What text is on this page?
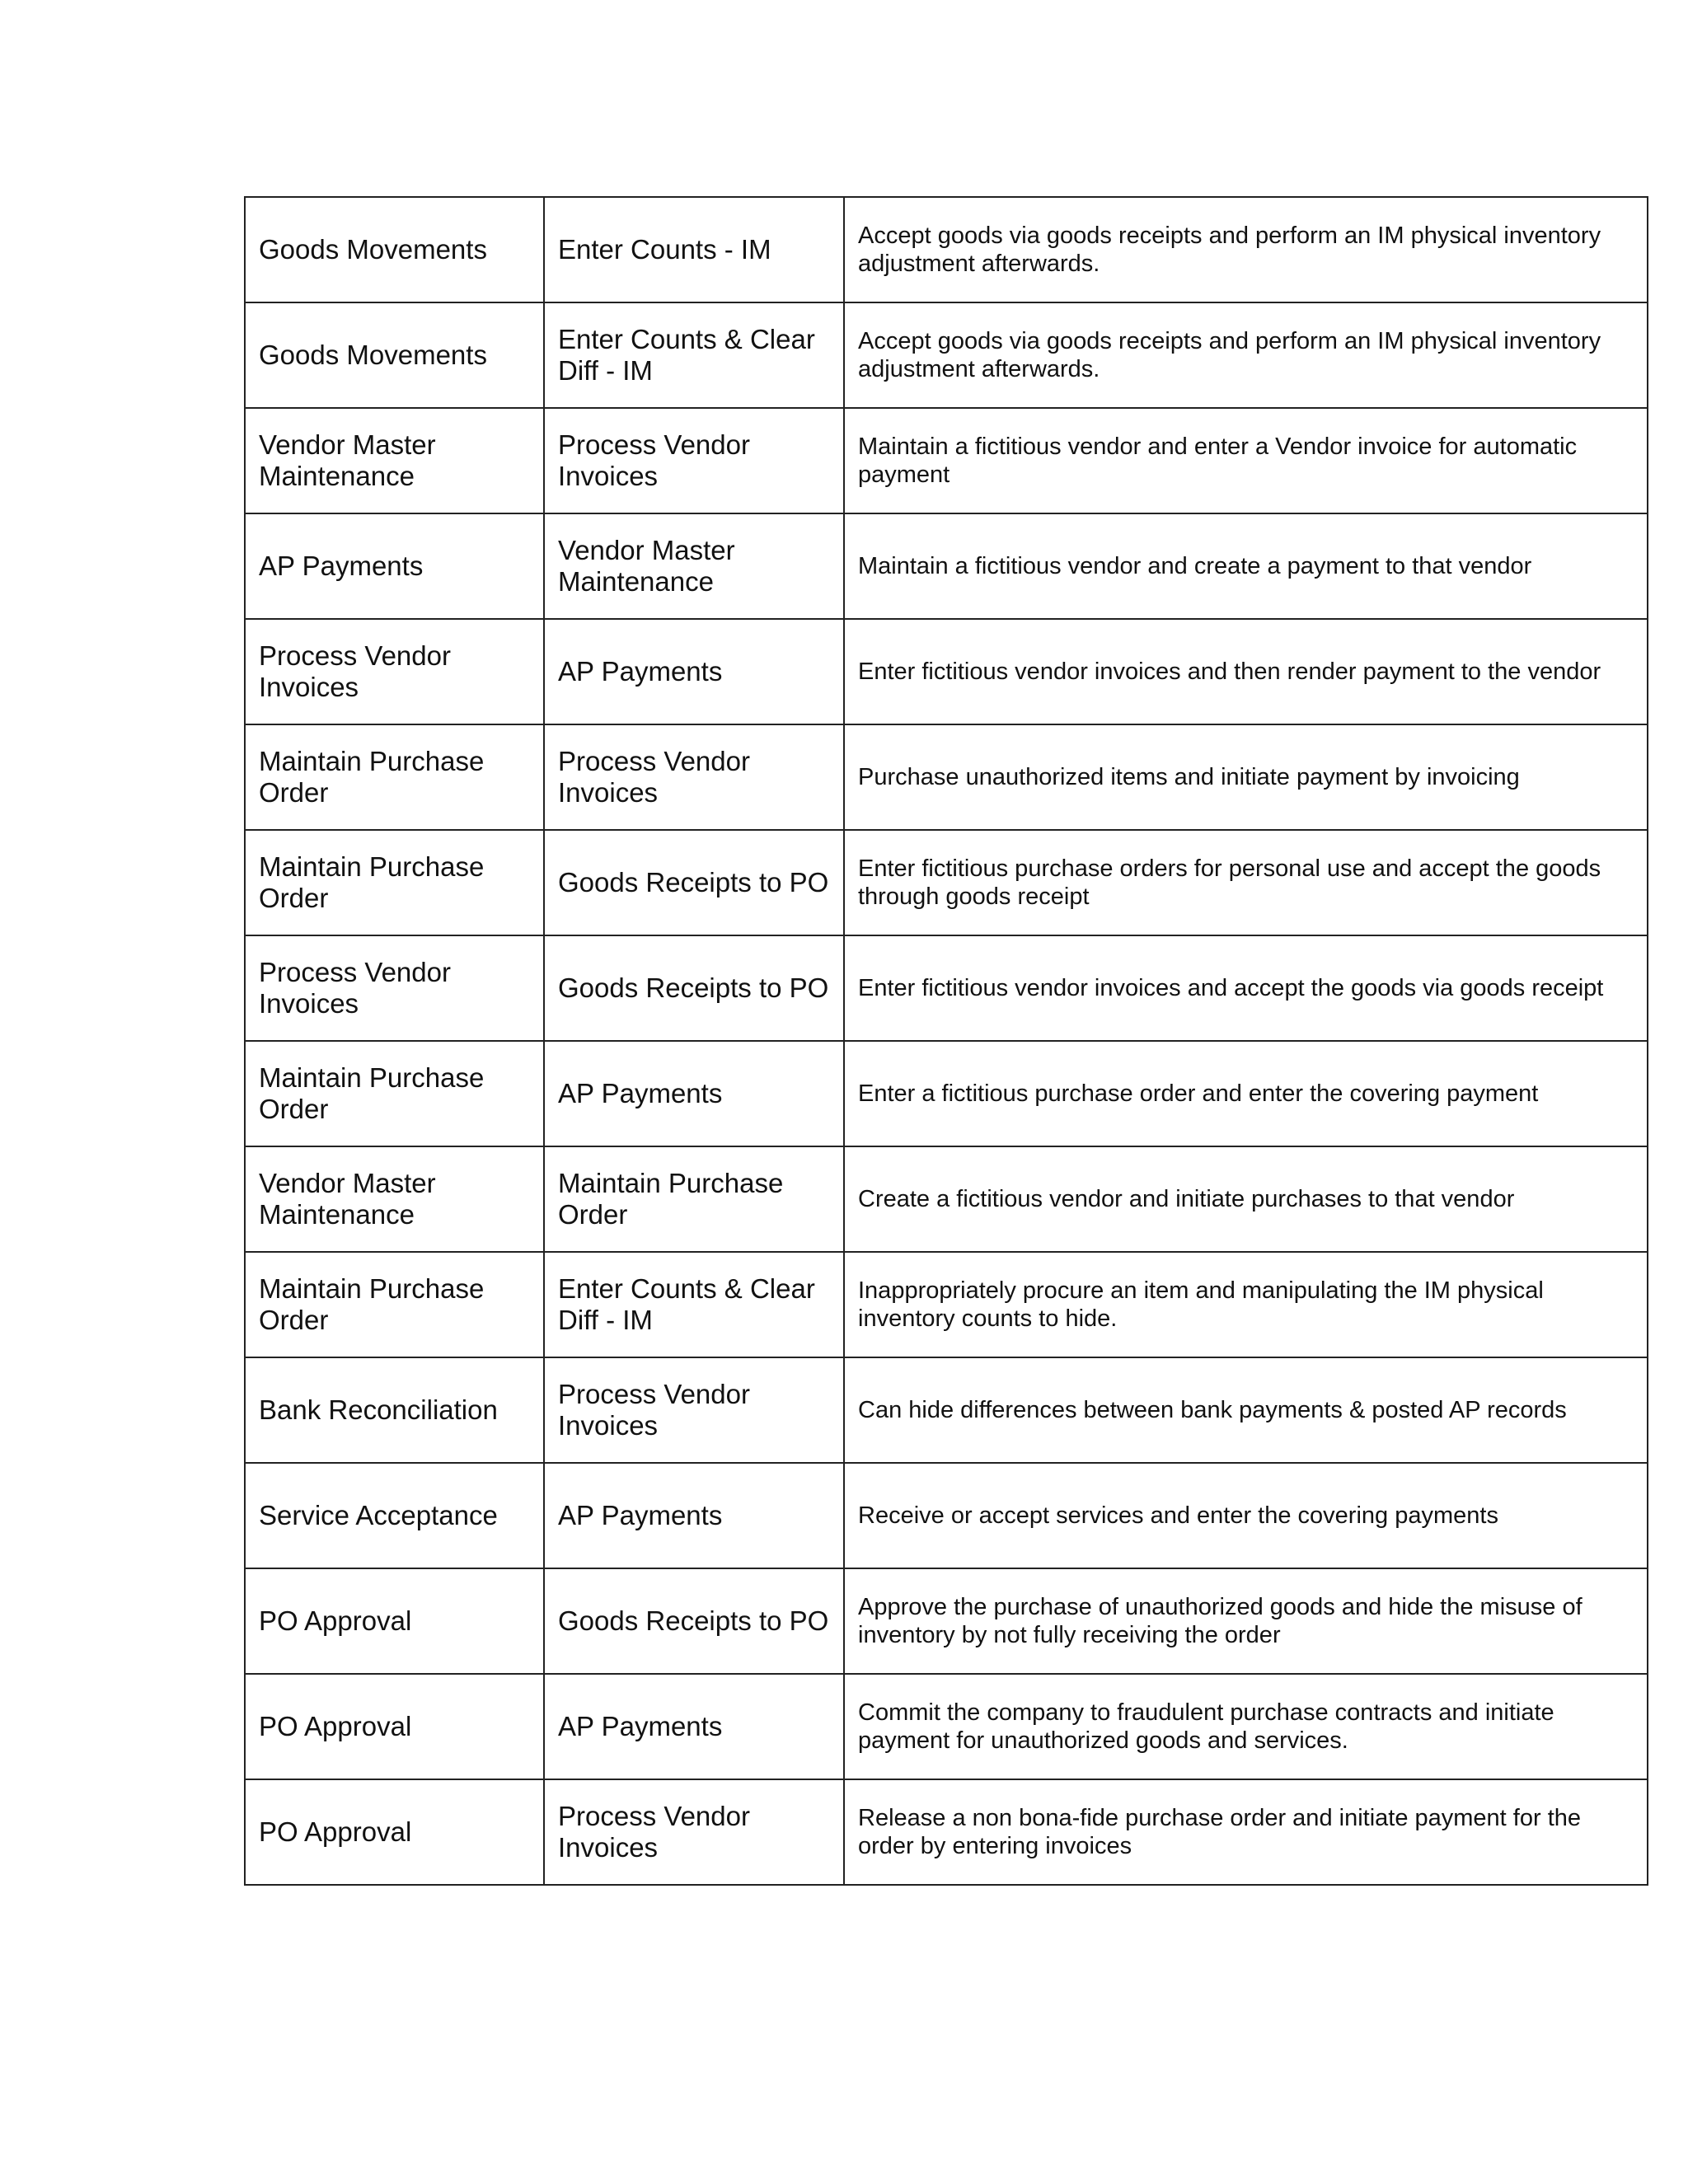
Goods Movements	Enter Counts - IM	Accept goods via goods receipts and perform an IM physical inventory adjustment afterwards.
Goods Movements	Enter Counts & Clear Diff - IM	Accept goods via goods receipts and perform an IM physical inventory adjustment afterwards.
Vendor Master Maintenance	Process Vendor Invoices	Maintain a fictitious vendor and enter a Vendor invoice for automatic payment
AP Payments	Vendor Master Maintenance	Maintain a fictitious vendor and create a payment to that vendor
Process Vendor Invoices	AP Payments	Enter fictitious vendor invoices and then render payment to the vendor
Maintain Purchase Order	Process Vendor Invoices	Purchase unauthorized items and initiate payment by invoicing
Maintain Purchase Order	Goods Receipts to PO	Enter fictitious purchase orders for personal use and accept the goods through goods receipt
Process Vendor Invoices	Goods Receipts to PO	Enter fictitious vendor invoices and accept the goods via goods receipt
Maintain Purchase Order	AP Payments	Enter a fictitious purchase order and enter the covering payment
Vendor Master Maintenance	Maintain Purchase Order	Create a fictitious vendor and initiate purchases to that vendor
Maintain Purchase Order	Enter Counts & Clear Diff - IM	Inappropriately procure an item and manipulating the IM physical inventory counts to hide.
Bank Reconciliation	Process Vendor Invoices	Can hide differences between bank payments & posted AP records
Service Acceptance	AP Payments	Receive or accept services and enter the covering payments
PO Approval	Goods Receipts to PO	Approve the purchase of unauthorized goods and hide the misuse of inventory by not fully receiving the order
PO Approval	AP Payments	Commit the company to fraudulent purchase contracts and initiate payment for unauthorized goods and services.
PO Approval	Process Vendor Invoices	Release a non bona-fide purchase order and initiate payment for the order by entering invoices
